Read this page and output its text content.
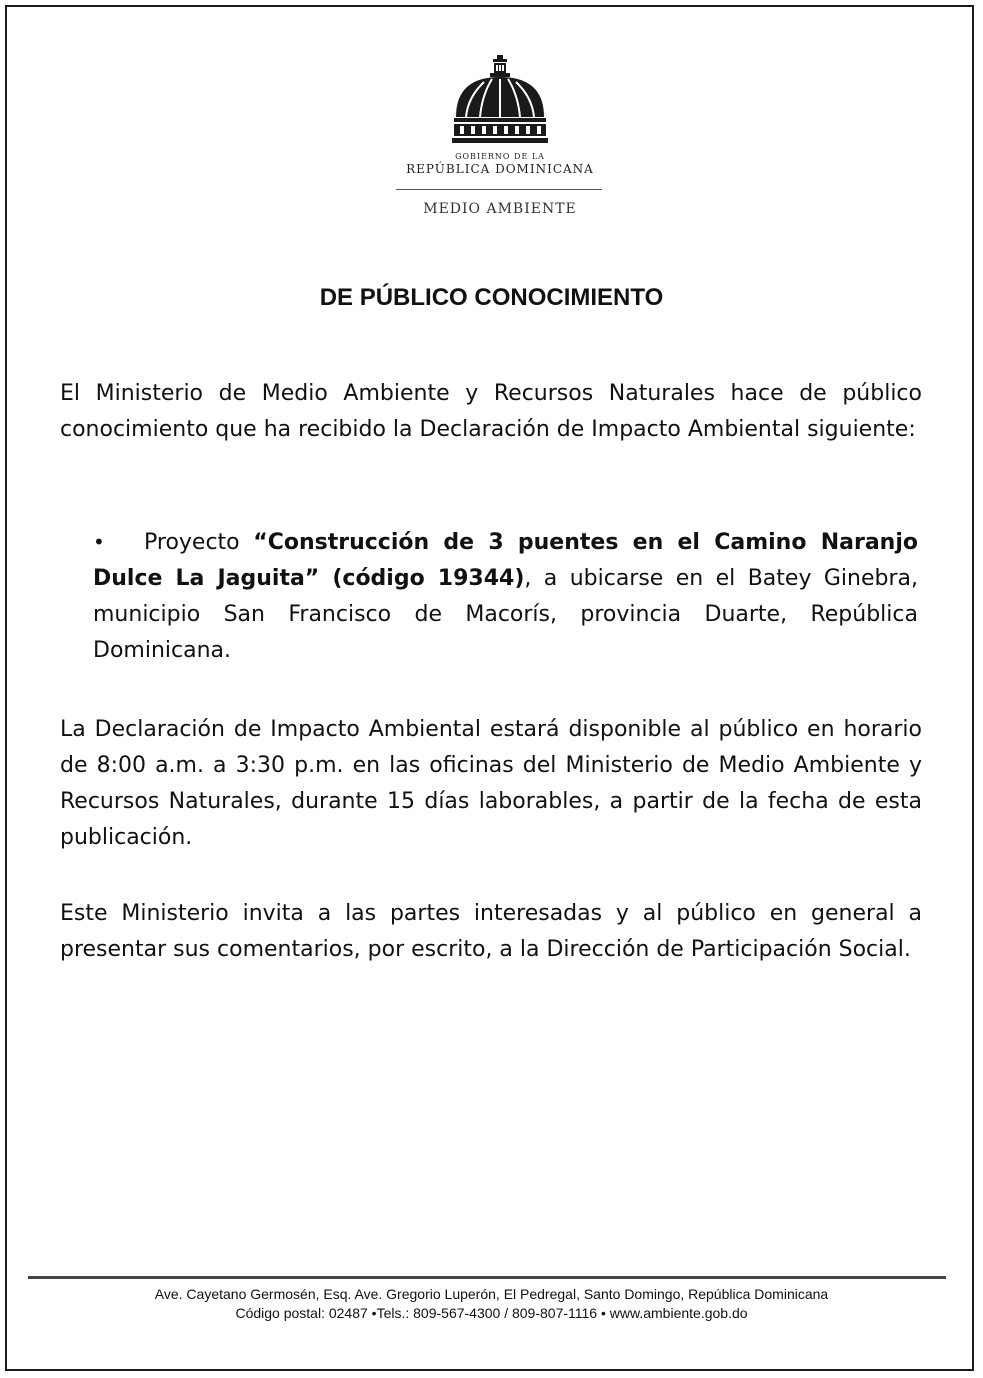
GOBIERNO DE LA
REPÚBLICA DOMINICANA
MEDIO AMBIENTE
DE PÚBLICO CONOCIMIENTO

El Ministerio de Medio Ambiente y Recursos Naturales hace de público conocimiento que ha recibido la Declaración de Impacto Ambiental siguiente:

• Proyecto “Construcción de 3 puentes en el Camino Naranjo Dulce La Jaguita” (código 19344), a ubicarse en el Batey Ginebra, municipio San Francisco de Macorís, provincia Duarte, República Dominicana.

La Declaración de Impacto Ambiental estará disponible al público en horario de 8:00 a.m. a 3:30 p.m. en las oficinas del Ministerio de Medio Ambiente y Recursos Naturales, durante 15 días laborables, a partir de la fecha de esta publicación.

Este Ministerio invita a las partes interesadas y al público en general a presentar sus comentarios, por escrito, a la Dirección de Participación Social.

Ave. Cayetano Germosén, Esq. Ave. Gregorio Luperón, El Pedregal, Santo Domingo, República Dominicana
Código postal: 02487 •Tels.: 809-567-4300 / 809-807-1116 • www.ambiente.gob.do
